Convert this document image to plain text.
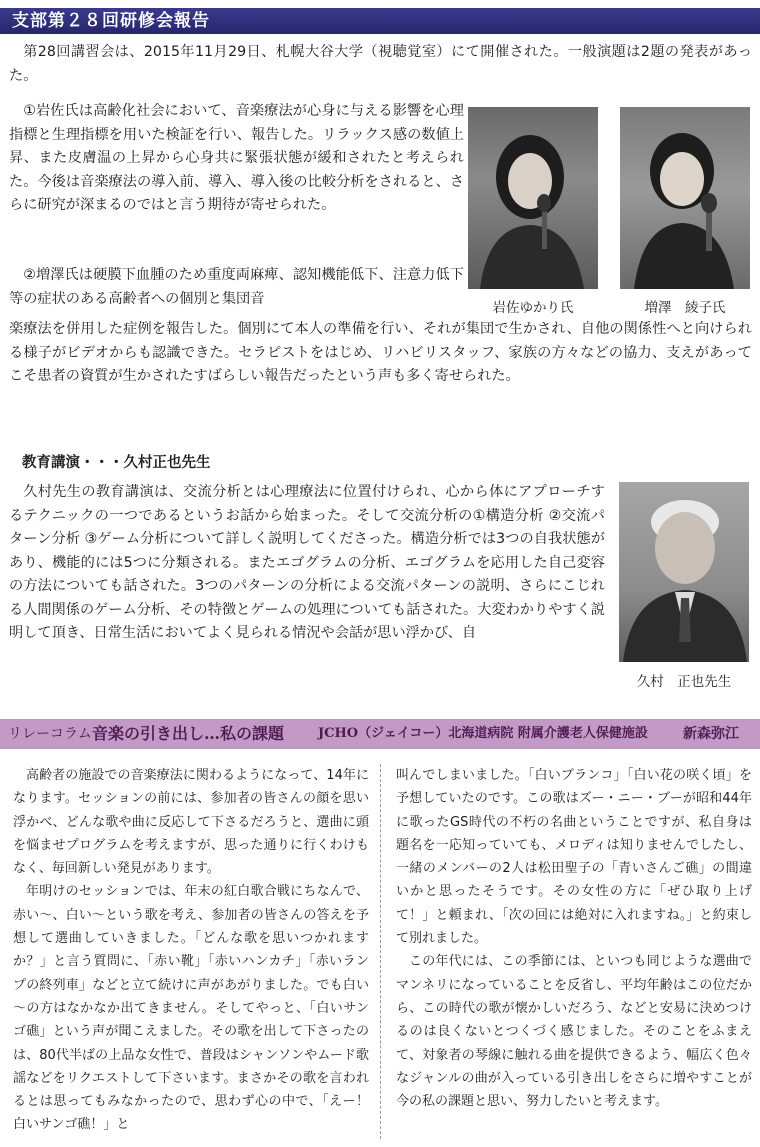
支部第２８回研修会報告

第28回講習会は、2015年11月29日、札幌大谷大学（視聴覚室）にて開催された。一般演題は2題の発表があった。

①岩佐氏は高齢化社会において、音楽療法が心身に与える影響を心理指標と生理指標を用いた検証を行い、報告した。リラックス感の数値上昇、また皮膚温の上昇から心身共に緊張状態が緩和されたと考えられた。今後は音楽療法の導入前、導入、導入後の比較分析をされると、さらに研究が深まるのではと言う期待が寄せられた。

②増澤氏は硬膜下血腫のため重度両麻痺、認知機能低下、注意力低下等の症状のある高齢者への個別と集団音

岩佐ゆかり氏	増澤　綾子氏

楽療法を併用した症例を報告した。個別にて本人の準備を行い、それが集団で生かされ、自他の関係性へと向けられる様子がビデオからも認識できた。セラピストをはじめ、リハビリスタッフ、家族の方々などの協力、支えがあってこそ患者の資質が生かされたすばらしい報告だったという声も多く寄せられた。

教育講演・・・久村正也先生

久村先生の教育講演は、交流分析とは心理療法に位置付けられ、心から体にアプローチするテクニックの一つであるというお話から始まった。そして交流分析の①構造分析 ②交流パターン分析 ③ゲーム分析について詳しく説明してくださった。構造分析では3つの自我状態があり、機能的には5つに分類される。またエゴグラムの分析、エゴグラムを応用した自己変容の方法についても話された。3つのパターンの分析による交流パターンの説明、さらにこじれる人間関係のゲーム分析、その特徴とゲームの処理についても話された。大変わかりやすく説明して頂き、日常生活においてよく見られる情況や会話が思い浮かび、自

久村　正也先生
リレーコラム 音楽の引き出し…私の課題	JCHO（ジェイコー）北海道病院 附属介護老人保健施設	新森弥江

高齢者の施設での音楽療法に関わるようになって、14年になります。セッションの前には、参加者の皆さんの顔を思い浮かべ、どんな歌や曲に反応して下さるだろうと、選曲に頭を悩ませプログラムを考えますが、思った通りに行くわけもなく、毎回新しい発見があります。

年明けのセッションでは、年末の紅白歌合戦にちなんで、赤い～、白い～という歌を考え、参加者の皆さんの答えを予想して選曲していきました。「どんな歌を思いつかれますか？」と言う質問に、「赤い靴」「赤いハンカチ」「赤いランプの終列車」などと立て続けに声があがりました。でも白い～の方はなかなか出てきません。そしてやっと、「白いサンゴ礁」という声が聞こえました。その歌を出して下さったのは、80代半ばの上品な女性で、普段はシャンソンやムード歌謡などをリクエストして下さいます。まさかその歌を言われるとは思ってもみなかったので、思わず心の中で、「えー！白いサンゴ礁！」と

叫んでしまいました。「白いブランコ」「白い花の咲く頃」を予想していたのです。この歌はズー・ニー・ブーが昭和44年に歌ったGS時代の不朽の名曲ということですが、私自身は題名を一応知っていても、メロディは知りませんでしたし、一緒のメンバーの2人は松田聖子の「青いさんご礁」の間違いかと思ったそうです。その女性の方に「ぜひ取り上げて！」と頼まれ、「次の回には絶対に入れますね。」と約束して別れました。

この年代には、この季節には、といつも同じような選曲でマンネリになっていることを反省し、平均年齢はこの位だから、この時代の歌が懐かしいだろう、などと安易に決めつけるのは良くないとつくづく感じました。そのことをふまえて、対象者の琴線に触れる曲を提供できるよう、幅広く色々なジャンルの曲が入っている引き出しをさらに増やすことが今の私の課題と思い、努力したいと考えます。
